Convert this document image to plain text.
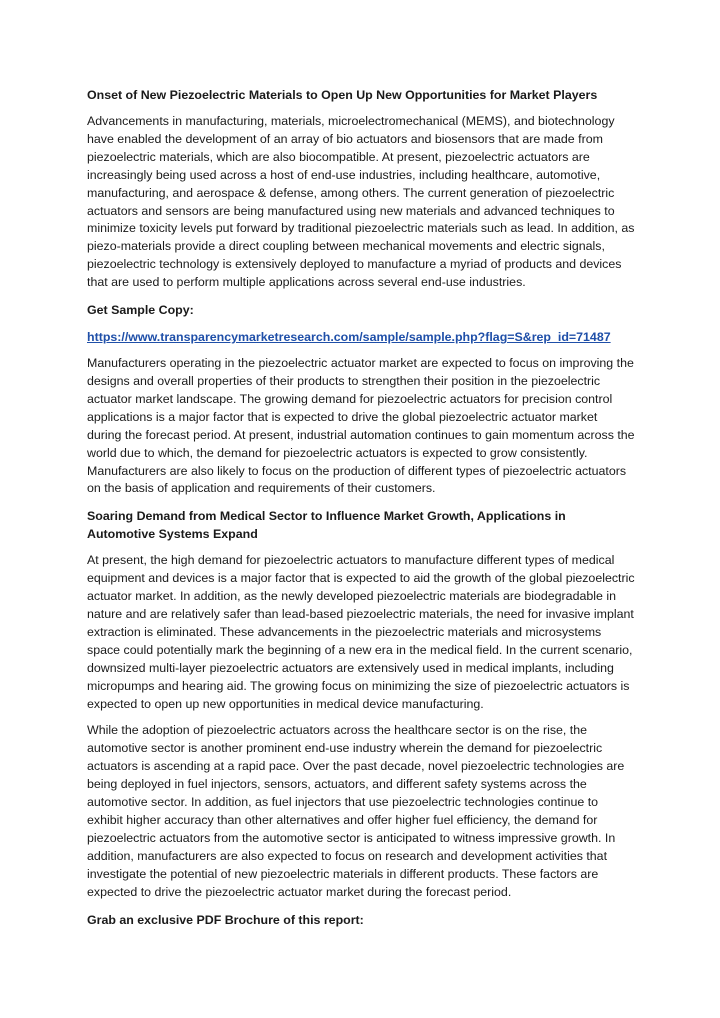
Onset of New Piezoelectric Materials to Open Up New Opportunities for Market Players

Advancements in manufacturing, materials, microelectromechanical (MEMS), and biotechnology have enabled the development of an array of bio actuators and biosensors that are made from piezoelectric materials, which are also biocompatible. At present, piezoelectric actuators are increasingly being used across a host of end-use industries, including healthcare, automotive, manufacturing, and aerospace & defense, among others. The current generation of piezoelectric actuators and sensors are being manufactured using new materials and advanced techniques to minimize toxicity levels put forward by traditional piezoelectric materials such as lead. In addition, as piezo-materials provide a direct coupling between mechanical movements and electric signals, piezoelectric technology is extensively deployed to manufacture a myriad of products and devices that are used to perform multiple applications across several end-use industries.

Get Sample Copy:

https://www.transparencymarketresearch.com/sample/sample.php?flag=S&rep_id=71487

Manufacturers operating in the piezoelectric actuator market are expected to focus on improving the designs and overall properties of their products to strengthen their position in the piezoelectric actuator market landscape. The growing demand for piezoelectric actuators for precision control applications is a major factor that is expected to drive the global piezoelectric actuator market during the forecast period. At present, industrial automation continues to gain momentum across the world due to which, the demand for piezoelectric actuators is expected to grow consistently. Manufacturers are also likely to focus on the production of different types of piezoelectric actuators on the basis of application and requirements of their customers.

Soaring Demand from Medical Sector to Influence Market Growth, Applications in Automotive Systems Expand

At present, the high demand for piezoelectric actuators to manufacture different types of medical equipment and devices is a major factor that is expected to aid the growth of the global piezoelectric actuator market. In addition, as the newly developed piezoelectric materials are biodegradable in nature and are relatively safer than lead-based piezoelectric materials, the need for invasive implant extraction is eliminated. These advancements in the piezoelectric materials and microsystems space could potentially mark the beginning of a new era in the medical field. In the current scenario, downsized multi-layer piezoelectric actuators are extensively used in medical implants, including micropumps and hearing aid. The growing focus on minimizing the size of piezoelectric actuators is expected to open up new opportunities in medical device manufacturing.

While the adoption of piezoelectric actuators across the healthcare sector is on the rise, the automotive sector is another prominent end-use industry wherein the demand for piezoelectric actuators is ascending at a rapid pace. Over the past decade, novel piezoelectric technologies are being deployed in fuel injectors, sensors, actuators, and different safety systems across the automotive sector. In addition, as fuel injectors that use piezoelectric technologies continue to exhibit higher accuracy than other alternatives and offer higher fuel efficiency, the demand for piezoelectric actuators from the automotive sector is anticipated to witness impressive growth. In addition, manufacturers are also expected to focus on research and development activities that investigate the potential of new piezoelectric materials in different products. These factors are expected to drive the piezoelectric actuator market during the forecast period.

Grab an exclusive PDF Brochure of this report:
